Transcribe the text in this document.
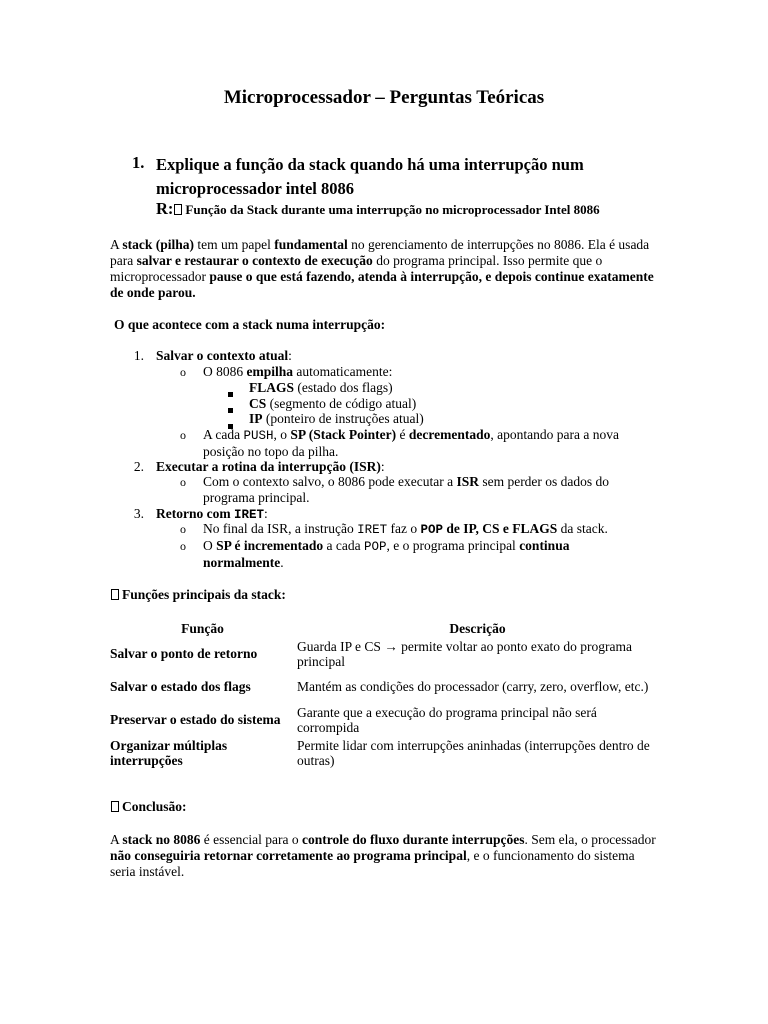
Microprocessador – Perguntas Teóricas
1. Explique a função da stack quando há uma interrupção num microprocessador intel 8086
R: Função da Stack durante uma interrupção no microprocessador Intel 8086
A stack (pilha) tem um papel fundamental no gerenciamento de interrupções no 8086. Ela é usada para salvar e restaurar o contexto de execução do programa principal. Isso permite que o microprocessador pause o que está fazendo, atenda à interrupção, e depois continue exatamente de onde parou.
O que acontece com a stack numa interrupção:
1. Salvar o contexto atual:
o O 8086 empilha automaticamente:
FLAGS (estado dos flags)
CS (segmento de código atual)
IP (ponteiro de instruções atual)
o A cada PUSH, o SP (Stack Pointer) é decrementado, apontando para a nova posição no topo da pilha.
2. Executar a rotina da interrupção (ISR):
o Com o contexto salvo, o 8086 pode executar a ISR sem perder os dados do programa principal.
3. Retorno com IRET:
o No final da ISR, a instrução IRET faz o POP de IP, CS e FLAGS da stack.
o O SP é incrementado a cada POP, e o programa principal continua normalmente.
Funções principais da stack:
Função	Descrição
Salvar o ponto de retorno	Guarda IP e CS → permite voltar ao ponto exato do programa principal
Salvar o estado dos flags	Mantém as condições do processador (carry, zero, overflow, etc.)
Preservar o estado do sistema	Garante que a execução do programa principal não será corrompida
Organizar múltiplas interrupções	Permite lidar com interrupções aninhadas (interrupções dentro de outras)
Conclusão:
A stack no 8086 é essencial para o controle do fluxo durante interrupções. Sem ela, o processador não conseguiria retornar corretamente ao programa principal, e o funcionamento do sistema seria instável.
